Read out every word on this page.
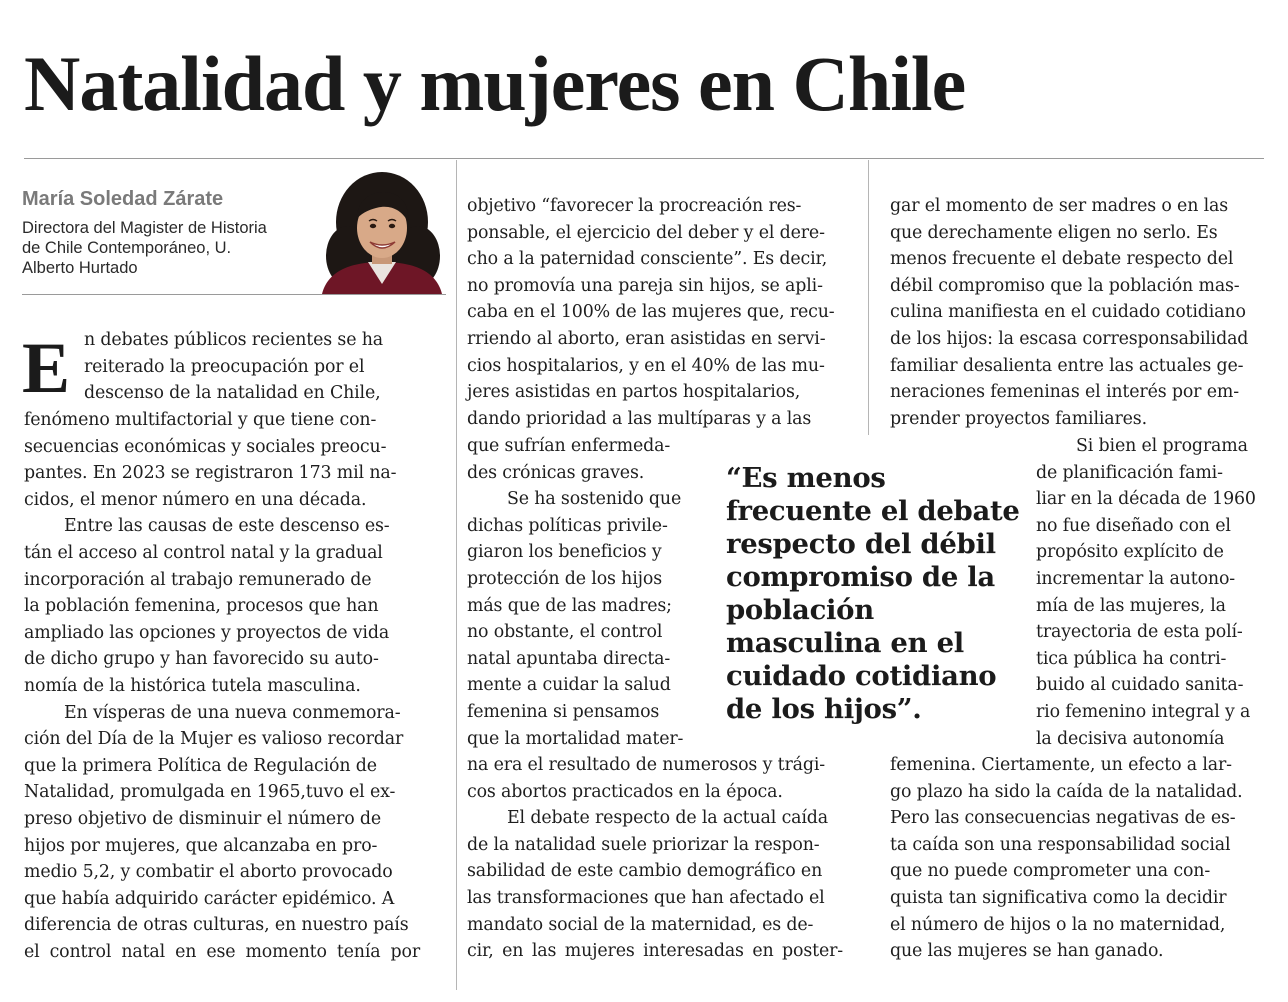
Natalidad y mujeres en Chile

María Soledad Zárate

Directora del Magister de Historia

de Chile Contemporáneo, U.

Alberto Hurtado

E n debates públicos recientes se ha

reiterado la preocupación por el

descenso de la natalidad en Chile,

fenómeno multifactorial y que tiene con-

secuencias económicas y sociales preocu-

pantes. En 2023 se registraron 173 mil na-

cidos, el menor número en una década.

Entre las causas de este descenso es-

tán el acceso al control natal y la gradual

incorporación al trabajo remunerado de

la población femenina, procesos que han

ampliado las opciones y proyectos de vida

de dicho grupo y han favorecido su auto-

nomía de la histórica tutela masculina.

En vísperas de una nueva conmemora-

ción del Día de la Mujer es valioso recordar

que la primera Política de Regulación de

Natalidad, promulgada en 1965,tuvo el ex-

preso objetivo de disminuir el número de

hijos por mujeres, que alcanzaba en pro-

medio 5,2, y combatir el aborto provocado

que había adquirido carácter epidémico. A

diferencia de otras culturas, en nuestro país

el control natal en ese momento tenía por

objetivo “favorecer la procreación res-

ponsable, el ejercicio del deber y el dere-

cho a la paternidad consciente”. Es decir,

no promovía una pareja sin hijos, se apli-

caba en el 100% de las mujeres que, recu-

rriendo al aborto, eran asistidas en servi-

cios hospitalarios, y en el 40% de las mu-

jeres asistidas en partos hospitalarios,

dando prioridad a las multíparas y a las

que sufrían enfermeda-

des crónicas graves.

Se ha sostenido que

dichas políticas privile-

giaron los beneficios y

protección de los hijos

más que de las madres;

no obstante, el control

natal apuntaba directa-

mente a cuidar la salud

femenina si pensamos

que la mortalidad mater-

na era el resultado de numerosos y trági-

cos abortos practicados en la época.

El debate respecto de la actual caída

de la natalidad suele priorizar la respon-

sabilidad de este cambio demográfico en

las transformaciones que han afectado el

mandato social de la maternidad, es de-

cir, en las mujeres interesadas en poster-

“Es menos
frecuente el debate
respecto del débil
compromiso de la
población
masculina en el
cuidado cotidiano
de los hijos”.

gar el momento de ser madres o en las

que derechamente eligen no serlo. Es

menos frecuente el debate respecto del

débil compromiso que la población mas-

culina manifiesta en el cuidado cotidiano

de los hijos: la escasa corresponsabilidad

familiar desalienta entre las actuales ge-

neraciones femeninas el interés por em-

prender proyectos familiares.

Si bien el programa

de planificación fami-

liar en la década de 1960

no fue diseñado con el

propósito explícito de

incrementar la autono-

mía de las mujeres, la

trayectoria de esta polí-

tica pública ha contri-

buido al cuidado sanita-

rio femenino integral y a

la decisiva autonomía

femenina. Ciertamente, un efecto a lar-

go plazo ha sido la caída de la natalidad.

Pero las consecuencias negativas de es-

ta caída son una responsabilidad social

que no puede comprometer una con-

quista tan significativa como la decidir

el número de hijos o la no maternidad,

que las mujeres se han ganado.
